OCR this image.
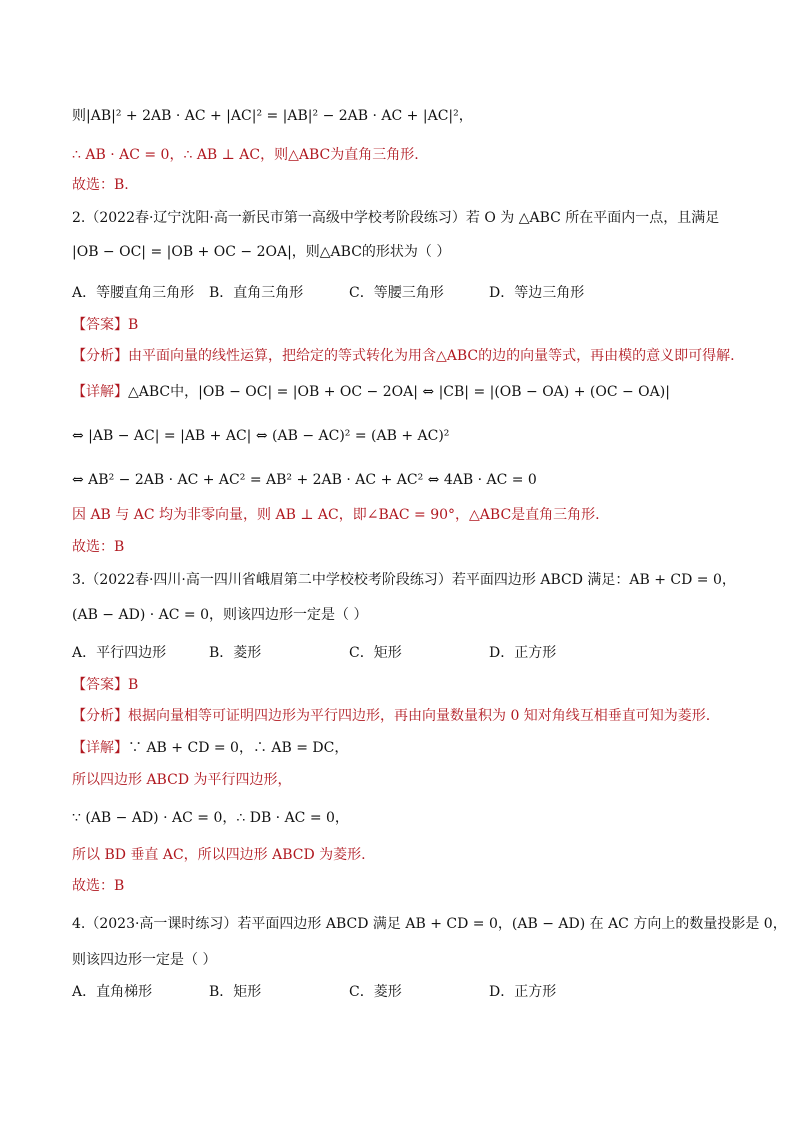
则|AB|² + 2AB · AC + |AC|² = |AB|² − 2AB · AC + |AC|²，
∴ AB · AC = 0，∴ AB ⊥ AC，则△ABC为直角三角形.
故选：B.
2.（2022春·辽宁沈阳·高一新民市第一高级中学校考阶段练习）若 O 为 △ABC 所在平面内一点，且满足
|OB − OC| = |OB + OC − 2OA|，则△ABC的形状为（ ）
A．等腰直角三角形	B．直角三角形	C．等腰三角形	D．等边三角形
【答案】B
【分析】由平面向量的线性运算，把给定的等式转化为用含△ABC的边的向量等式，再由模的意义即可得解.
【详解】△ABC中，|OB − OC| = |OB + OC − 2OA| ⇔ |CB| = |(OB − OA) + (OC − OA)|
⇔ |AB − AC| = |AB + AC| ⇔ (AB − AC)² = (AB + AC)²
⇔ AB² − 2AB · AC + AC² = AB² + 2AB · AC + AC² ⇔ 4AB · AC = 0
因 AB 与 AC 均为非零向量，则 AB ⊥ AC，即∠BAC = 90°，△ABC是直角三角形.
故选：B
3.（2022春·四川·高一四川省峨眉第二中学校校考阶段练习）若平面四边形 ABCD 满足：AB + CD = 0，
(AB − AD) · AC = 0，则该四边形一定是（ ）
A．平行四边形	B．菱形	C．矩形	D．正方形
【答案】B
【分析】根据向量相等可证明四边形为平行四边形，再由向量数量积为 0 知对角线互相垂直可知为菱形.
【详解】∵ AB + CD = 0，∴ AB = DC，
所以四边形 ABCD 为平行四边形，
∵ (AB − AD) · AC = 0，∴ DB · AC = 0，
所以 BD 垂直 AC，所以四边形 ABCD 为菱形.
故选：B
4.（2023·高一课时练习）若平面四边形 ABCD 满足 AB + CD = 0，(AB − AD) 在 AC 方向上的数量投影是 0，
则该四边形一定是（ ）
A．直角梯形	B．矩形	C．菱形	D．正方形
